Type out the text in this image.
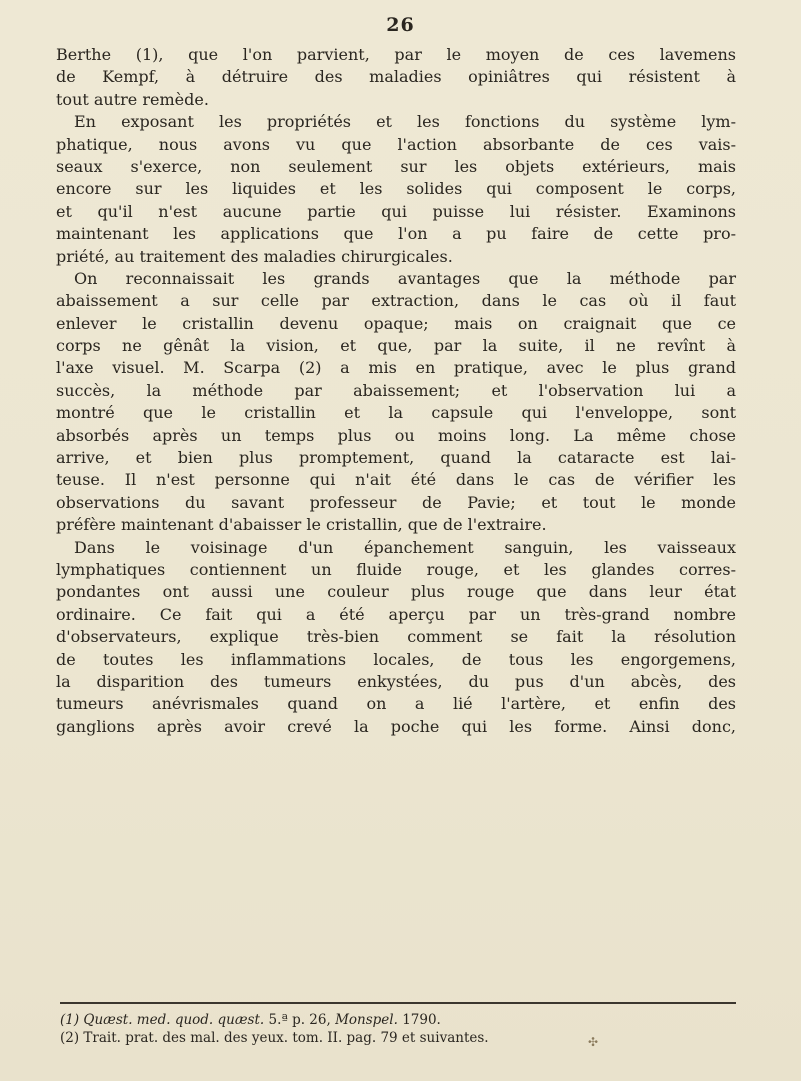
26
Berthe (1), que l'on parvient, par le moyen de ces lavemens
de Kempf, à détruire des maladies opiniâtres qui résistent à
tout autre remède.
En exposant les propriétés et les fonctions du système lym-
phatique, nous avons vu que l'action absorbante de ces vais-
seaux s'exerce, non seulement sur les objets extérieurs, mais
encore sur les liquides et les solides qui composent le corps,
et qu'il n'est aucune partie qui puisse lui résister. Examinons
maintenant les applications que l'on a pu faire de cette pro-
priété, au traitement des maladies chirurgicales.
On reconnaissait les grands avantages que la méthode par
abaissement a sur celle par extraction, dans le cas où il faut
enlever le cristallin devenu opaque; mais on craignait que ce
corps ne gênât la vision, et que, par la suite, il ne revînt à
l'axe visuel. M. Scarpa (2) a mis en pratique, avec le plus grand
succès, la méthode par abaissement; et l'observation lui a
montré que le cristallin et la capsule qui l'enveloppe, sont
absorbés après un temps plus ou moins long. La même chose
arrive, et bien plus promptement, quand la cataracte est lai-
teuse. Il n'est personne qui n'ait été dans le cas de vérifier les
observations du savant professeur de Pavie; et tout le monde
préfère maintenant d'abaisser le cristallin, que de l'extraire.
Dans le voisinage d'un épanchement sanguin, les vaisseaux
lymphatiques contiennent un fluide rouge, et les glandes corres-
pondantes ont aussi une couleur plus rouge que dans leur état
ordinaire. Ce fait qui a été aperçu par un très-grand nombre
d'observateurs, explique très-bien comment se fait la résolution
de toutes les inflammations locales, de tous les engorgemens,
la disparition des tumeurs enkystées, du pus d'un abcès, des
tumeurs anévrismales quand on a lié l'artère, et enfin des
ganglions après avoir crevé la poche qui les forme. Ainsi donc,
(1) Quæst. med. quod. quæst. 5.ª p. 26, Monspel. 1790.
(2) Trait. prat. des mal. des yeux. tom. II. pag. 79 et suivantes.	✣
